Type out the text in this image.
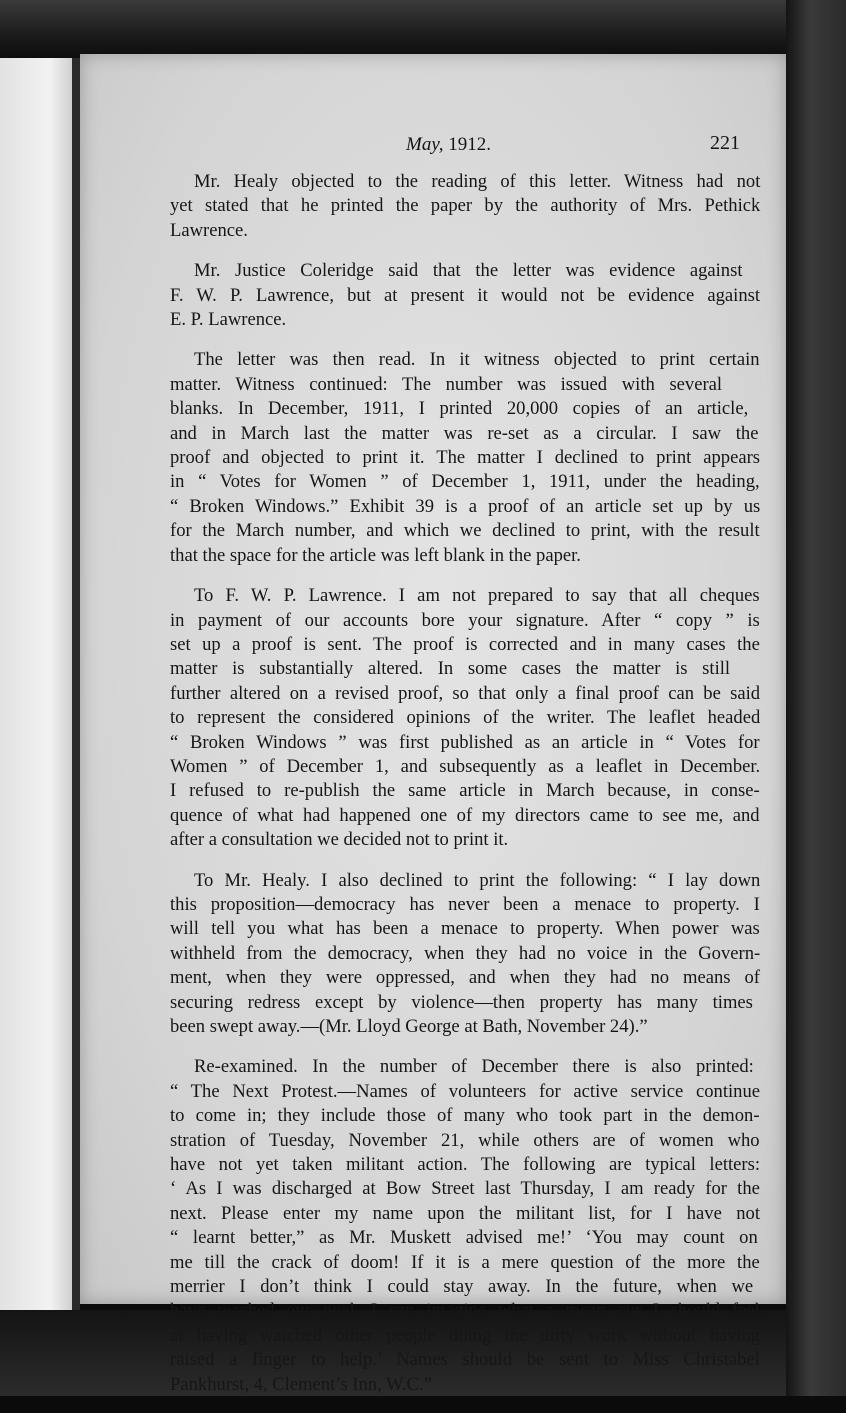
May, 1912.	221
Mr. Healy objected to the reading of this letter. Witness had not
yet stated that he printed the paper by the authority of Mrs. Pethick
Lawrence.
Mr. Justice Coleridge said that the letter was evidence against
F. W. P. Lawrence, but at present it would not be evidence against
E. P. Lawrence.
The letter was then read. In it witness objected to print certain
matter. Witness continued: The number was issued with several
blanks. In December, 1911, I printed 20,000 copies of an article,
and in March last the matter was re-set as a circular. I saw the
proof and objected to print it. The matter I declined to print appears
in “ Votes for Women ” of December 1, 1911, under the heading,
“ Broken Windows.” Exhibit 39 is a proof of an article set up by us
for the March number, and which we declined to print, with the result
that the space for the article was left blank in the paper.
To F. W. P. Lawrence. I am not prepared to say that all cheques
in payment of our accounts bore your signature. After “ copy ” is
set up a proof is sent. The proof is corrected and in many cases the
matter is substantially altered. In some cases the matter is still
further altered on a revised proof, so that only a final proof can be said
to represent the considered opinions of the writer. The leaflet headed
“ Broken Windows ” was first published as an article in “ Votes for
Women ” of December 1, and subsequently as a leaflet in December.
I refused to re-publish the same article in March because, in conse-
quence of what had happened one of my directors came to see me, and
after a consultation we decided not to print it.
To Mr. Healy. I also declined to print the following: “ I lay down
this proposition—democracy has never been a menace to property. I
will tell you what has been a menace to property. When power was
withheld from the democracy, when they had no voice in the Govern-
ment, when they were oppressed, and when they had no means of
securing redress except by violence—then property has many times
been swept away.—(Mr. Lloyd George at Bath, November 24).”
Re-examined. In the number of December there is also printed:
“ The Next Protest.—Names of volunteers for active service continue
to come in; they include those of many who took part in the demon-
stration of Tuesday, November 21, while others are of women who
have not yet taken militant action. The following are typical letters:
‘ As I was discharged at Bow Street last Thursday, I am ready for the
next. Please enter my name upon the militant list, for I have not
“ learnt better,” as Mr. Muskett advised me!’ ‘You may count on
me till the crack of doom! If it is a mere question of the more the
merrier I don’t think I could stay away. In the future, when we
have reached our goal, I can imagine what a mean cur I should feel
at having watched other people doing the dirty work without having
raised a finger to help.’ Names should be sent to Miss Christabel
Pankhurst, 4, Clement’s Inn, W.C.”
